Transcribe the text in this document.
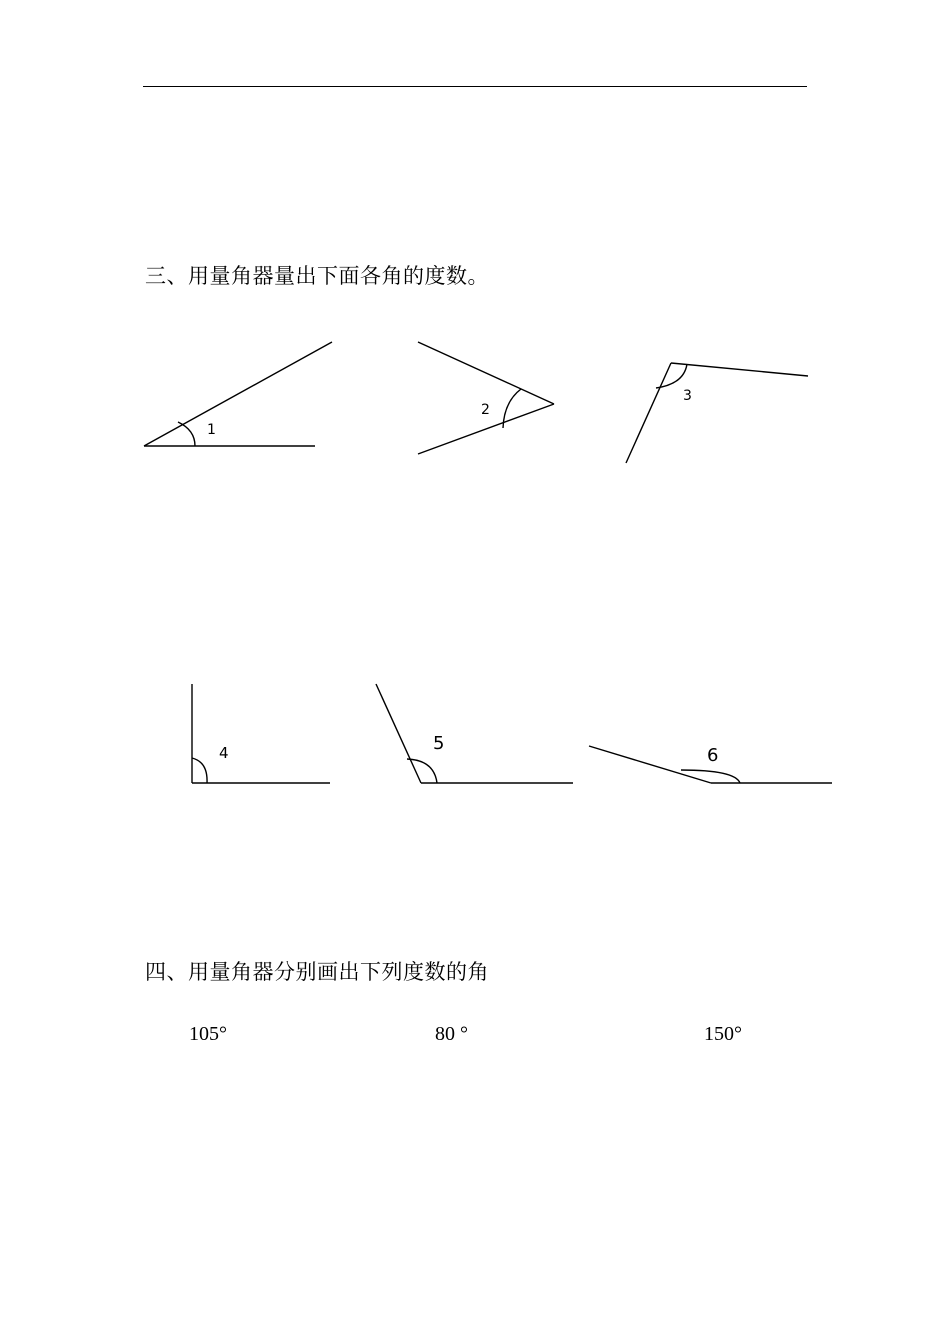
三、用量角器量出下面各角的度数。
1
2
3
4	5
6
四、用量角器分别画出下列度数的角
105°	80 °	150°
